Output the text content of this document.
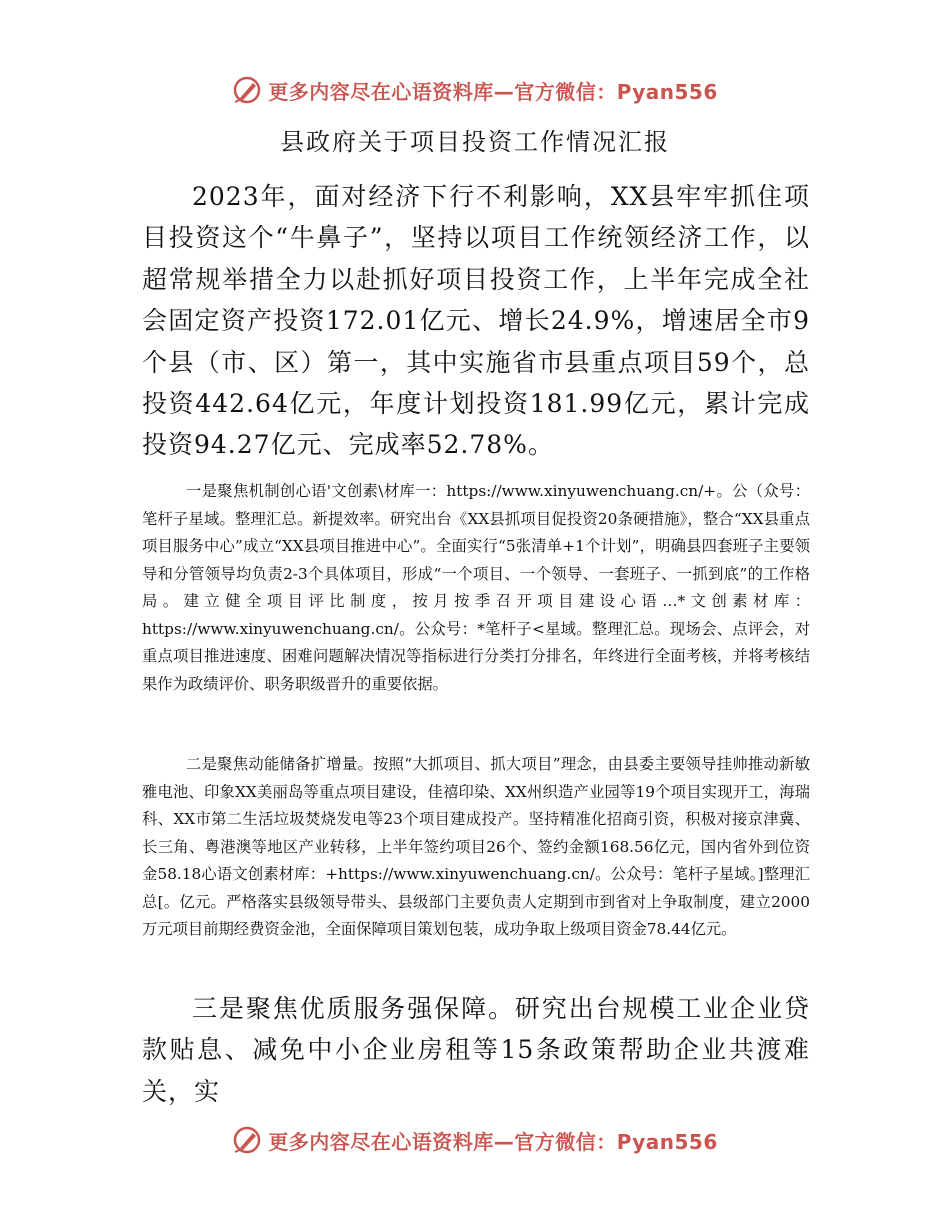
更多内容尽在心语资料库—官方微信：Pyan556
县政府关于项目投资工作情况汇报

2023年，面对经济下行不利影响，XX县牢牢抓住项目投资这个“牛鼻子”，坚持以项目工作统领经济工作，以超常规举措全力以赴抓好项目投资工作，上半年完成全社会固定资产投资172.01亿元、增长24.9%，增速居全市9个县（市、区）第一，其中实施省市县重点项目59个，总投资442.64亿元，年度计划投资181.99亿元，累计完成投资94.27亿元、完成率52.78%。

一是聚焦机制创心语'文创素\材库一：https://www.xinyuwenchuang.cn/+。公（众号：笔杆子星域。整理汇总。新提效率。研究出台《XX县抓项目促投资20条硬措施》，整合“XX县重点项目服务中心”成立“XX县项目推进中心”。全面实行“5张清单+1个计划”，明确县四套班子主要领导和分管领导均负责2-3个具体项目，形成“一个项目、一个领导、一套班子、一抓到底”的工作格局。建立健全项目评比制度，按月按季召开项目建设心语…*文创素材库：https://www.xinyuwenchuang.cn/。公众号：*笔杆子<星域。整理汇总。现场会、点评会，对重点项目推进速度、困难问题解决情况等指标进行分类打分排名，年终进行全面考核，并将考核结果作为政绩评价、职务职级晋升的重要依据。

二是聚焦动能储备扩增量。按照“大抓项目、抓大项目”理念，由县委主要领导挂帅推动新敏雅电池、印象XX美丽岛等重点项目建设，佳禧印染、XX州织造产业园等19个项目实现开工，海瑞科、XX市第二生活垃圾焚烧发电等23个项目建成投产。坚持精准化招商引资，积极对接京津冀、长三角、粤港澳等地区产业转移，上半年签约项目26个、签约金额168.56亿元，国内省外到位资金58.18心语文创素材库：+https://www.xinyuwenchuang.cn/。公众号：笔杆子星域。]整理汇总[。亿元。严格落实县级领导带头、县级部门主要负责人定期到市到省对上争取制度，建立2000万元项目前期经费资金池，全面保障项目策划包装，成功争取上级项目资金78.44亿元。

三是聚焦优质服务强保障。研究出台规模工业企业贷款贴息、减免中小企业房租等15条政策帮助企业共渡难关，实

更多内容尽在心语资料库—官方微信：Pyan556
